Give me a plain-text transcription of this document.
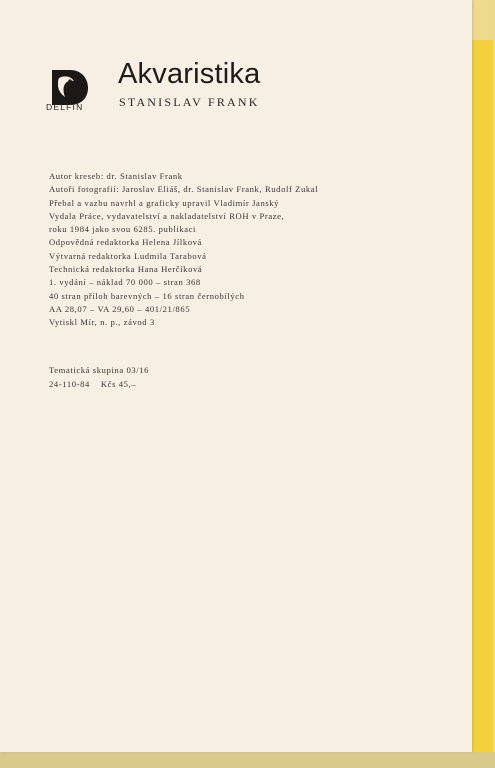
DELFÍN
Akvaristika
STANISLAV FRANK
Autor kreseb: dr. Stanislav Frank
Autoři fotografií: Jaroslav Eliáš, dr. Stanislav Frank, Rudolf Zukal
Přebal a vazbu navrhl a graficky upravil Vladimír Janský
Vydala Práce, vydavatelství a nakladatelství ROH v Praze,
roku 1984 jako svou 6285. publikaci
Odpovědná redaktorka Helena Jílková
Výtvarná redaktorka Ludmila Tarabová
Technická redaktorka Hana Herčíková
1. vydání – náklad 70 000 – stran 368
40 stran příloh barevných – 16 stran černobílých
AA 28,07 – VA 29,60 – 401/21/865
Vytiskl Mír, n. p., závod 3
Tematická skupina 03/16
24-110-84    Kčs 45,–
